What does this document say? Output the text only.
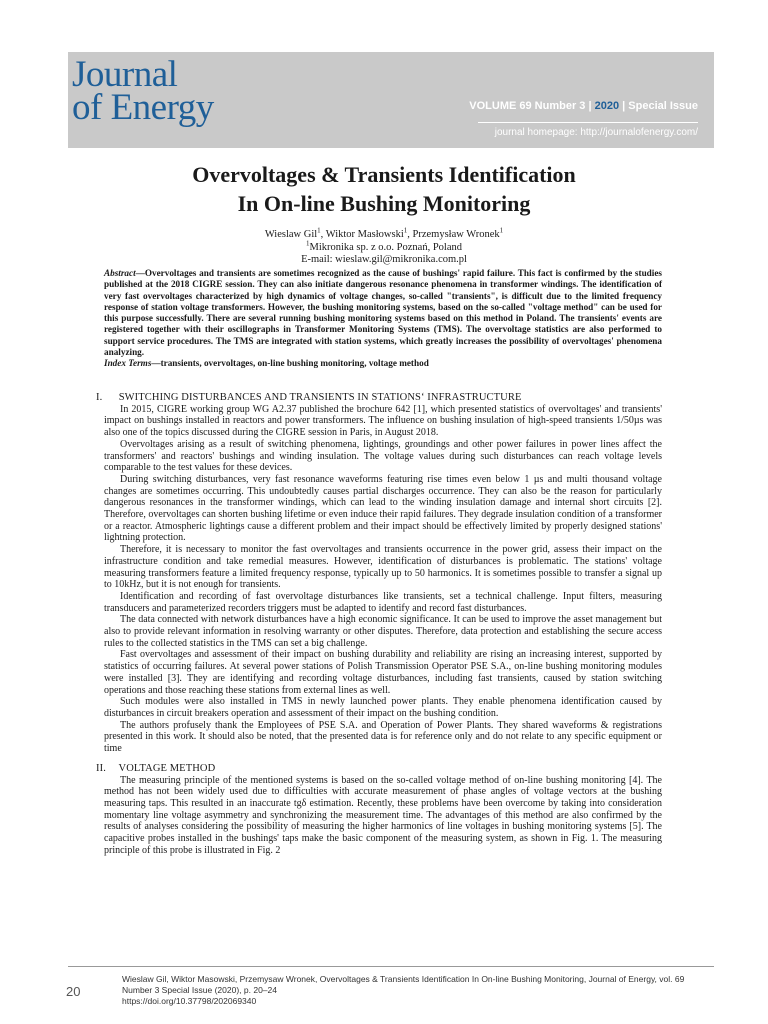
Journal
of Energy	VOLUME 69 Number 3 | 2020 | Special Issue
journal homepage: http://journalofenergy.com/
Overvoltages & Transients Identification
In On-line Bushing Monitoring
Wieslaw Gil$^1$, Wiktor Masłowski$^1$, Przemysław Wronek$^1$
$^1$Mikronika sp. z o.o. Poznań, Poland
E-mail: wieslaw.gil@mikronika.com.pl

Abstract—Overvoltages and transients are sometimes recognized as the cause of bushings' rapid failure. This fact is confirmed by the studies published at the 2018 CIGRE session. They can also initiate dangerous resonance phenomena in transformer windings. The identification of very fast overvoltages characterized by high dynamics of voltage changes, so-called "transients", is difficult due to the limited frequency response of station voltage transformers. However, the bushing monitoring systems, based on the so-called "voltage method" can be used for this purpose successfully. There are several running bushing monitoring systems based on this method in Poland. The transients' events are registered together with their oscillographs in Transformer Monitoring Systems (TMS). The overvoltage statistics are also performed to support service procedures. The TMS are integrated with station systems, which greatly increases the possibility of overvoltages' phenomena analyzing.

Index Terms—transients, overvoltages, on-line bushing monitoring, voltage method

I. SWITCHING DISTURBANCES AND TRANSIENTS IN STATIONS‘ INFRASTRUCTURE

In 2015, CIGRE working group WG A2.37 published the brochure 642 [1], which presented statistics of overvoltages' and transients' impact on bushings installed in reactors and power transformers. The influence on bushing insulation of high-speed transients 1/50µs was also one of the topics discussed during the CIGRE session in Paris, in August 2018.

Overvoltages arising as a result of switching phenomena, lightings, groundings and other power failures in power lines affect the transformers' and reactors' bushings and winding insulation. The voltage values during such disturbances can reach voltage levels comparable to the test values for these devices.

During switching disturbances, very fast resonance waveforms featuring rise times even below 1 µs and multi thousand voltage changes are sometimes occurring. This undoubtedly causes partial discharges occurrence. They can also be the reason for particularly dangerous resonances in the transformer windings, which can lead to the winding insulation damage and internal short circuits [2]. Therefore, overvoltages can shorten bushing lifetime or even induce their rapid failures. They degrade insulation condition of a transformer or a reactor. Atmospheric lightings cause a different problem and their impact should be effectively limited by properly designed stations' lightning protection.

Therefore, it is necessary to monitor the fast overvoltages and transients occurrence in the power grid, assess their impact on the infrastructure condition and take remedial measures. However, identification of disturbances is problematic. The stations' voltage measuring transformers feature a limited frequency response, typically up to 50 harmonics. It is sometimes possible to transfer a signal up to 10kHz, but it is not enough for transients.

Identification and recording of fast overvoltage disturbances like transients, set a technical challenge. Input filters, measuring transducers and parameterized recorders triggers must be adapted to identify and record fast disturbances.

The data connected with network disturbances have a high economic significance. It can be used to improve the asset management but also to provide relevant information in resolving warranty or other disputes. Therefore, data protection and establishing the secure access rules to the collected statistics in the TMS can set a big challenge.

Fast overvoltages and assessment of their impact on bushing durability and reliability are rising an increasing interest, supported by statistics of occurring failures. At several power stations of Polish Transmission Operator PSE S.A., on-line bushing monitoring modules were installed [3]. They are identifying and recording voltage disturbances, including fast transients, caused by station switching operations and those reaching these stations from external lines as well.

Such modules were also installed in TMS in newly launched power plants. They enable phenomena identification caused by disturbances in circuit breakers operation and assessment of their impact on the bushing condition.

The authors profusely thank the Employees of PSE S.A. and Operation of Power Plants. They shared waveforms & registrations presented in this work. It should also be noted, that the presented data is for reference only and do not relate to any specific equipment or time

II. VOLTAGE METHOD

The measuring principle of the mentioned systems is based on the so-called voltage method of on-line bushing monitoring [4]. The method has not been widely used due to difficulties with accurate measurement of phase angles of voltage vectors at the bushing measuring taps. This resulted in an inaccurate tgδ estimation. Recently, these problems have been overcome by taking into consideration momentary line voltage asymmetry and synchronizing the measurement time. The advantages of this method are also confirmed by the results of analyses considering the possibility of measuring the higher harmonics of line voltages in bushing monitoring systems [5]. The capacitive probes installed in the bushings' taps make the basic component of the measuring system, as shown in Fig. 1. The measuring principle of this probe is illustrated in Fig. 2

20
Wieslaw Gil, Wiktor Masowski, Przemysaw Wronek, Overvoltages & Transients Identification In On-line Bushing Monitoring, Journal of Energy, vol. 69
Number 3 Special Issue (2020), p. 20–24
https://doi.org/10.37798/202069340
